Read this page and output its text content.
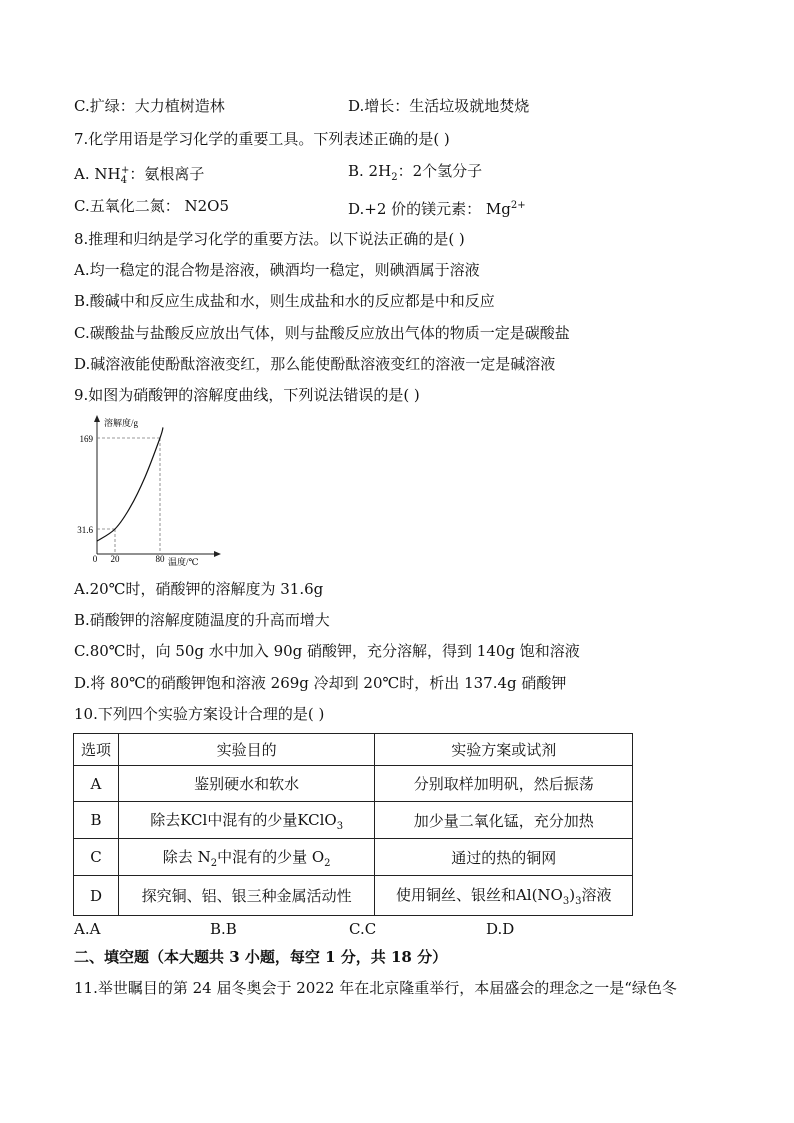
C.扩绿：大力植树造林	D.增长：生活垃圾就地焚烧
7.化学用语是学习化学的重要工具。下列表述正确的是( )
A. $NH_4^+$：氨根离子	B. $2H_2$：2个氢分子
C.五氧化二氮： N2O5	D.+2 价的镁元素： $Mg^{2+}$
8.推理和归纳是学习化学的重要方法。以下说法正确的是( )
A.均一稳定的混合物是溶液，碘酒均一稳定，则碘酒属于溶液
B.酸碱中和反应生成盐和水，则生成盐和水的反应都是中和反应
C.碳酸盐与盐酸反应放出气体，则与盐酸反应放出气体的物质一定是碳酸盐
D.碱溶液能使酚酞溶液变红，那么能使酚酞溶液变红的溶液一定是碱溶液
9.如图为硝酸钾的溶解度曲线，下列说法错误的是( )
溶解度/g
温度/℃
0 20	80
169
31.6
A.20℃时，硝酸钾的溶解度为 31.6g
B.硝酸钾的溶解度随温度的升高而增大
C.80℃时，向 50g 水中加入 90g 硝酸钾，充分溶解，得到 140g 饱和溶液
D.将 80℃的硝酸钾饱和溶液 269g 冷却到 20℃时，析出 137.4g 硝酸钾
10.下列四个实验方案设计合理的是( )
选项	实验目的	实验方案或试剂
A	鉴别硬水和软水	分别取样加明矾，然后振荡
B	除去KCl中混有的少量KClO$_3$	加少量二氧化锰，充分加热
C	除去 $N_2$中混有的少量 $O_2$	通过的热的铜网
D	探究铜、铝、银三种金属活动性	使用铜丝、银丝和$Al(NO_3)_3$溶液
A.A	B.B	C.C	D.D
二、填空题（本大题共 3 小题，每空 1 分，共 18 分）
11.举世瞩目的第 24 届冬奥会于 2022 年在北京隆重举行，本届盛会的理念之一是“绿色冬
